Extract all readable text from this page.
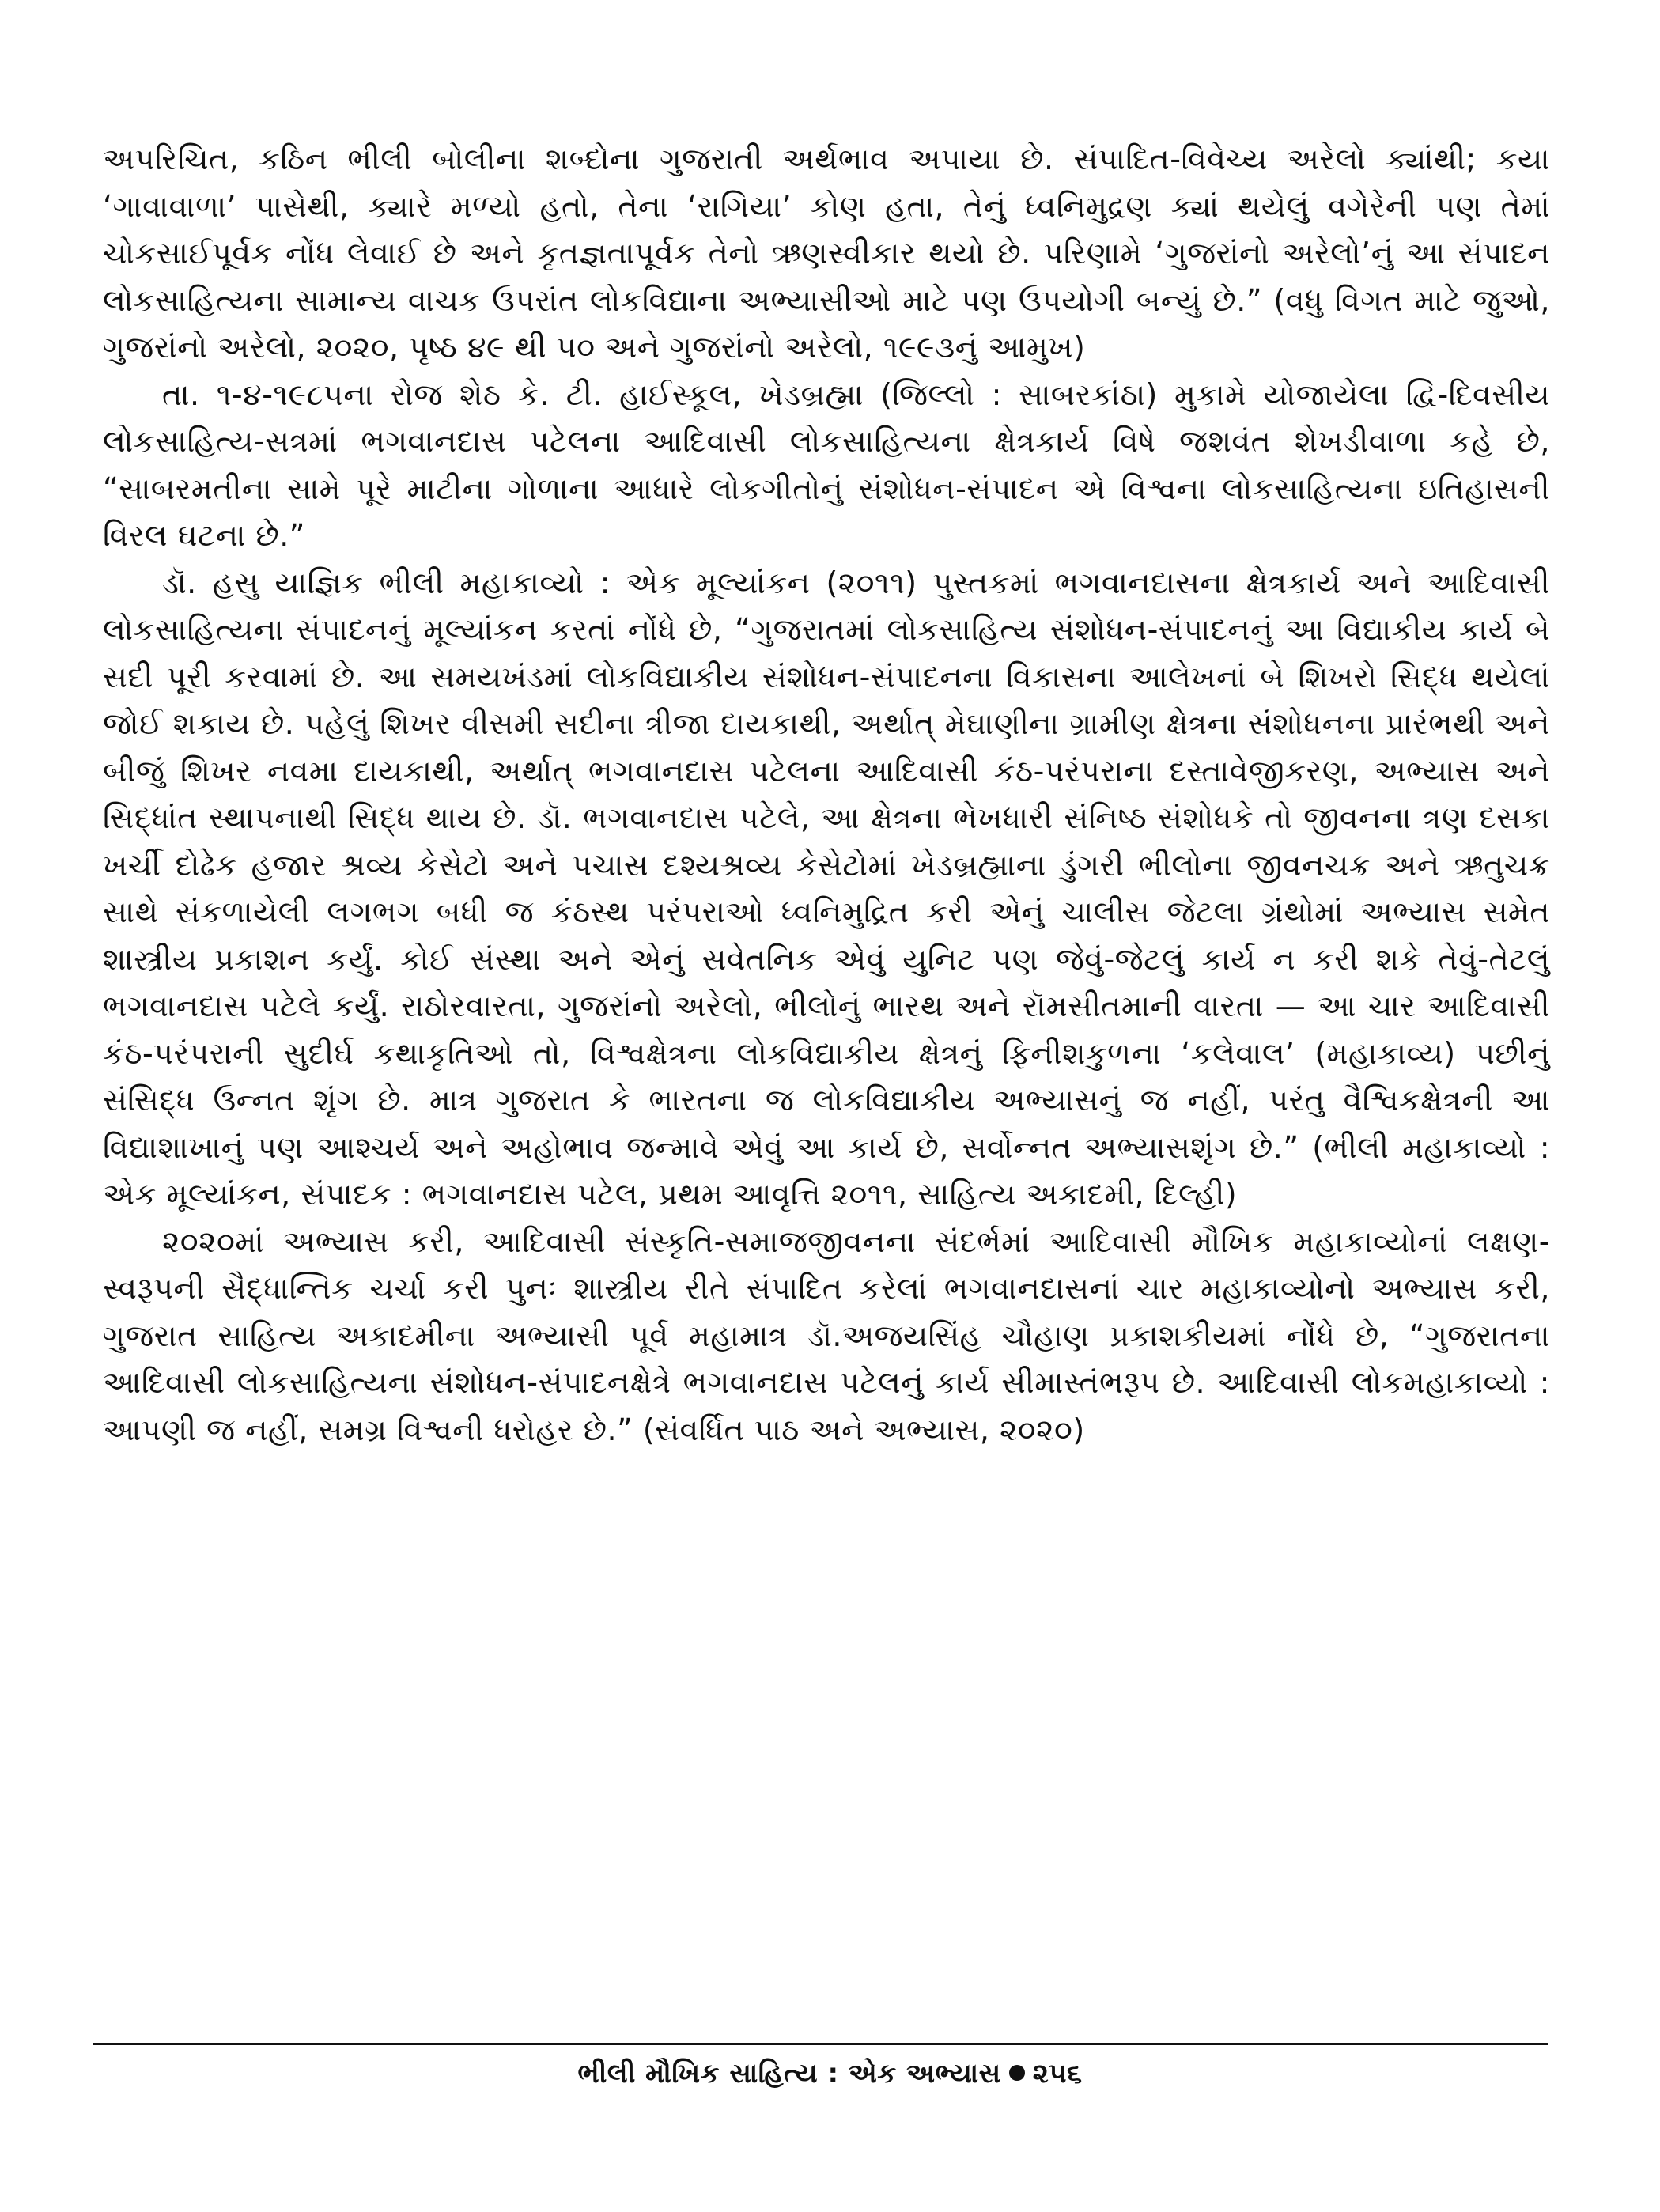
અપરિચિત, કઠિન ભીલી બોલીના શબ્દોના ગુજરાતી અર્થભાવ અપાયા છે. સંપાદિત-વિવેચ્ય અરેલો ક્યાંથી; કયા ‘ગાવાવાળા’ પાસેથી, ક્યારે મળ્યો હતો, તેના ‘રાગિયા’ કોણ હતા, તેનું ધ્વનિમુદ્રણ ક્યાં થયેલું વગેરેની પણ તેમાં ચોકસાઈપૂર્વક નોંધ લેવાઈ છે અને કૃતજ્ઞતાપૂર્વક તેનો ઋણસ્વીકાર થયો છે. પરિણામે ‘ગુજરાંનો અરેલો’નું આ સંપાદન લોકસાહિત્યના સામાન્ય વાચક ઉપરાંત લોકવિદ્યાના અભ્યાસીઓ માટે પણ ઉપયોગી બન્યું છે.” (વધુ વિગત માટે જુઓ, ગુજરાંનો અરેલો, ૨૦૨૦, પૃષ્ઠ ૪૯ થી ૫૦ અને ગુજરાંનો અરેલો, ૧૯૯૩નું આમુખ)

તા. ૧-૪-૧૯૮૫ના રોજ શેઠ કે. ટી. હાઈસ્કૂલ, ખેડબ્રહ્મા (જિલ્લો : સાબરકાંઠા) મુકામે યોજાયેલા દ્વિ-દિવસીય લોકસાહિત્ય-સત્રમાં ભગવાનદાસ પટેલના આદિવાસી લોકસાહિત્યના ક્ષેત્રકાર્ય વિષે જશવંત શેખડીવાળા કહે છે, “સાબરમતીના સામે પૂરે માટીના ગોળાના આધારે લોકગીતોનું સંશોધન-સંપાદન એ વિશ્વના લોકસાહિત્યના ઇતિહાસની વિરલ ઘટના છે.”

ડૉ. હસુ યાજ્ઞિક ભીલી મહાકાવ્યો : એક મૂલ્યાંકન (૨૦૧૧) પુસ્તકમાં ભગવાનદાસના ક્ષેત્રકાર્ય અને આદિવાસી લોકસાહિત્યના સંપાદનનું મૂલ્યાંકન કરતાં નોંધે છે, “ગુજરાતમાં લોકસાહિત્ય સંશોધન-સંપાદનનું આ વિદ્યાકીય કાર્ય બે સદી પૂરી કરવામાં છે. આ સમયખંડમાં લોકવિદ્યાકીય સંશોધન-સંપાદનના વિકાસના આલેખનાં બે શિખરો સિદ્ધ થયેલાં જોઈ શકાય છે. પહેલું શિખર વીસમી સદીના ત્રીજા દાયકાથી, અર્થાત્ મેઘાણીના ગ્રામીણ ક્ષેત્રના સંશોધનના પ્રારંભથી અને બીજું શિખર નવમા દાયકાથી, અર્થાત્ ભગવાનદાસ પટેલના આદિવાસી કંઠ-પરંપરાના દસ્તાવેજીકરણ, અભ્યાસ અને સિદ્ધાંત સ્થાપનાથી સિદ્ધ થાય છે. ડૉ. ભગવાનદાસ પટેલે, આ ક્ષેત્રના ભેખધારી સંનિષ્ઠ સંશોધકે તો જીવનના ત્રણ દસકા ખર્ચી દોઢેક હજાર શ્રવ્ય કેસેટો અને પચાસ દશ્યશ્રવ્ય કેસેટોમાં ખેડબ્રહ્માના ડુંગરી ભીલોના જીવનચક્ર અને ઋતુચક્ર સાથે સંકળાયેલી લગભગ બધી જ કંઠસ્થ પરંપરાઓ ધ્વનિમુદ્રિત કરી એનું ચાલીસ જેટલા ગ્રંથોમાં અભ્યાસ સમેત શાસ્ત્રીય પ્રકાશન કર્યું. કોઈ સંસ્થા અને એનું સવેતનિક એવું યુનિટ પણ જેવું-જેટલું કાર્ય ન કરી શકે તેવું-તેટલું ભગવાનદાસ પટેલે કર્યું. રાઠોરવારતા, ગુજરાંનો અરેલો, ભીલોનું ભારથ અને રૉમસીતમાની વારતા — આ ચાર આદિવાસી કંઠ-પરંપરાની સુદીર્ઘ કથાકૃતિઓ તો, વિશ્વક્ષેત્રના લોકવિદ્યાકીય ક્ષેત્રનું ફિનીશકુળના ‘કલેવાલ’ (મહાકાવ્ય) પછીનું સંસિદ્ધ ઉન્નત શૃંગ છે. માત્ર ગુજરાત કે ભારતના જ લોકવિદ્યાકીય અભ્યાસનું જ નહીં, પરંતુ વૈશ્વિકક્ષેત્રની આ વિદ્યાશાખાનું પણ આશ્ચર્ય અને અહોભાવ જન્માવે એવું આ કાર્ય છે, સર્વોન્નત અભ્યાસશૃંગ છે.” (ભીલી મહાકાવ્યો : એક મૂલ્યાંકન, સંપાદક : ભગવાનદાસ પટેલ, પ્રથમ આવૃત્તિ ૨૦૧૧, સાહિત્ય અકાદમી, દિલ્હી)

૨૦૨૦માં અભ્યાસ કરી, આદિવાસી સંસ્કૃતિ-સમાજજીવનના સંદર્ભમાં આદિવાસી મૌખિક મહાકાવ્યોનાં લક્ષણ-સ્વરૂપની સૈદ્ધાન્તિક ચર્ચા કરી પુનઃ શાસ્ત્રીય રીતે સંપાદિત કરેલાં ભગવાનદાસનાં ચાર મહાકાવ્યોનો અભ્યાસ કરી, ગુજરાત સાહિત્ય અકાદમીના અભ્યાસી પૂર્વ મહામાત્ર ડૉ.અજયસિંહ ચૌહાણ પ્રકાશકીયમાં નોંધે છે, “ગુજરાતના આદિવાસી લોકસાહિત્યના સંશોધન-સંપાદનક્ષેત્રે ભગવાનદાસ પટેલનું કાર્ય સીમાસ્તંભરૂપ છે. આદિવાસી લોકમહાકાવ્યો : આપણી જ નહીં, સમગ્ર વિશ્વની ધરોહર છે.” (સંવર્ધિત પાઠ અને અભ્યાસ, ૨૦૨૦)

ભીલી મૌખિક સાહિત્ય : એક અભ્યાસ ૨૫૬
